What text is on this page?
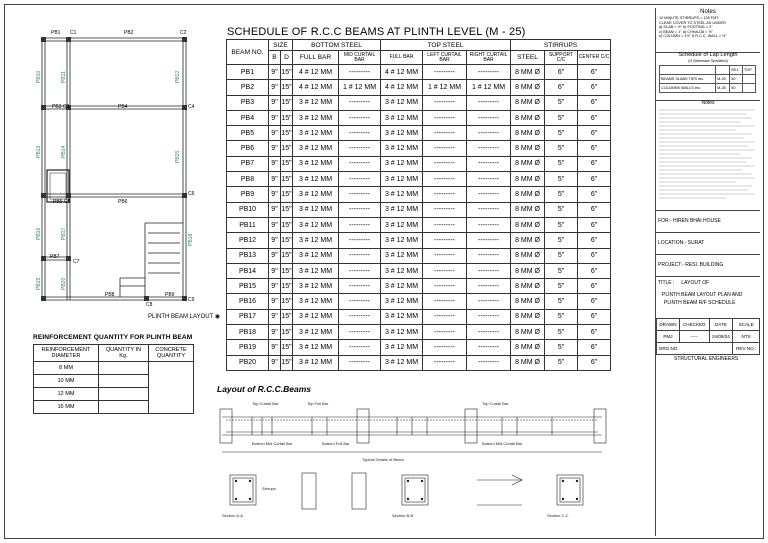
PB1 C1	PB2	C2
PB3 C3	PB4	C4
PB5 C5	PB6
C6
PB7
C7
PB8
C8
PB9
C9
PB10	PB11	PB12
PB13	PB14	PB15
PB16	PB17	PB18
PB19	PB20
PLINTH BEAM LAYOUT ◉
REINFORCEMENT QUANTITY FOR PLINTH BEAM
REINFORCEMENT DIAMETER	QUANTITY IN Kg.	CONCRETE QUANTITY
8 MM		
10 MM		
12 MM		
16 MM		
SCHEDULE OF R.C.C BEAMS AT PLINTH LEVEL (M - 25)
BEAM NO.	SIZE		BOTTOM STEEL		TOP STEEL			STIRRUPS		
	B	D	FULL BAR	MID CURTAIL BAR	FULL BAR	LEFT CURTAIL BAR	RIGHT CURTAIL BAR	STEEL	SUPPORT C/C	CENTER C/C
PB1	9"	15"	4 # 12 MM	---------	4 # 12 MM	---------	---------	8 MM Ø	6"	6"
PB2	9"	15"	4 # 12 MM	1 # 12 MM	4 # 12 MM	1 # 12 MM	1 # 12 MM	8 MM Ø	6"	6"
PB3	9"	15"	3 # 12 MM	---------	3 # 12 MM	---------	---------	8 MM Ø	5"	6"
PB4	9"	15"	3 # 12 MM	---------	3 # 12 MM	---------	---------	8 MM Ø	5"	6"
PB5	9"	15"	3 # 12 MM	---------	3 # 12 MM	---------	---------	8 MM Ø	5"	6"
PB6	9"	15"	3 # 12 MM	---------	3 # 12 MM	---------	---------	8 MM Ø	5"	6"
PB7	9"	15"	3 # 12 MM	---------	3 # 12 MM	---------	---------	8 MM Ø	5"	6"
PB8	9"	15"	3 # 12 MM	---------	3 # 12 MM	---------	---------	8 MM Ø	5"	6"
PB9	9"	15"	3 # 12 MM	---------	3 # 12 MM	---------	---------	8 MM Ø	5"	6"
PB10	9"	15"	3 # 12 MM	---------	3 # 12 MM	---------	---------	8 MM Ø	5"	6"
PB11	9"	15"	3 # 12 MM	---------	3 # 12 MM	---------	---------	8 MM Ø	5"	6"
PB12	9"	15"	3 # 12 MM	---------	3 # 12 MM	---------	---------	8 MM Ø	5"	6"
PB13	9"	15"	3 # 12 MM	---------	3 # 12 MM	---------	---------	8 MM Ø	5"	6"
PB14	9"	15"	3 # 12 MM	---------	3 # 12 MM	---------	---------	8 MM Ø	5"	6"
PB15	9"	15"	3 # 12 MM	---------	3 # 12 MM	---------	---------	8 MM Ø	5"	6"
PB16	9"	15"	3 # 12 MM	---------	3 # 12 MM	---------	---------	8 MM Ø	5"	6"
PB17	9"	15"	3 # 12 MM	---------	3 # 12 MM	---------	---------	8 MM Ø	5"	6"
PB18	9"	15"	3 # 12 MM	---------	3 # 12 MM	---------	---------	8 MM Ø	5"	6"
PB19	9"	15"	3 # 12 MM	---------	3 # 12 MM	---------	---------	8 MM Ø	5"	6"
PB20	9"	15"	3 # 12 MM	---------	3 # 12 MM	---------	---------	8 MM Ø	5"	6"
Layout of R.C.C.Beams
Top Curtail Bar	Top Full Bar	Top Curtail Bar
Bottom Mid Curtail Bar	Bottom Full Bar	Bottom Mid Curtail Bar
Typical Details of Beam
Section A-A	Section B-B	Section C-C
Stirrups
Notes
10 MINUTE STIRRUPS = 135 FMT
CLEAR COVER TO STEEL AS UNDER
a) SLAB = ½" b) FOOTING = 2"
c) BEAM = 1" d) CHHAJJA = ½"
e) COLUMN = 1½" f) R.C.C. WALL = ½"
Schedule of Lap Length
(If Otherwise Specified)
		RE1	TOP
BEAMS SLABS TIES etc.	M-25	50	
COLUMNS WALLS etc.	M-25	50	
Notes
FOR:- HIREN BHAI HOUSE
LOCATION:- SURAT
PROJECT:- RESI. BUILDING
TITLE : LAYOUT OF
PLINTH BEAM LAYOUT PLAN AND
PLINTH BEAM R/F SCHEDULE
DRAWN	CHECKED	DATE	SCALE
PMJ	-----	24/09/24	NTS
DRG.NO.			REV NO.:
STRUCTURAL ENGINEERS
